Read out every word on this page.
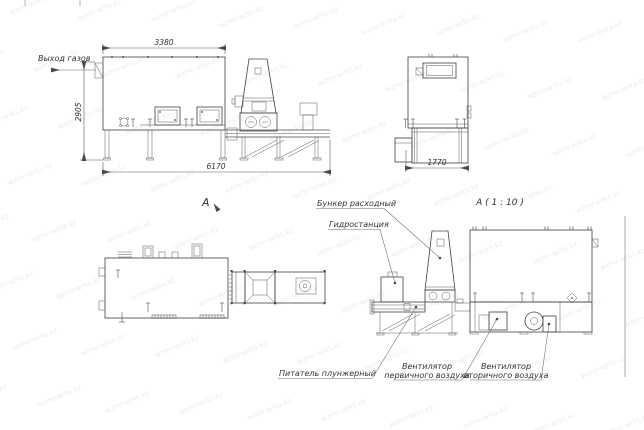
3380
2905
6170
Выход газов
1770
А	А ( 1 : 10 )
Бункер расходный
Гидростанция
Питатель плунжерный
Вентилятор
первичного воздуха
Вентилятор
вторичного воздуха
